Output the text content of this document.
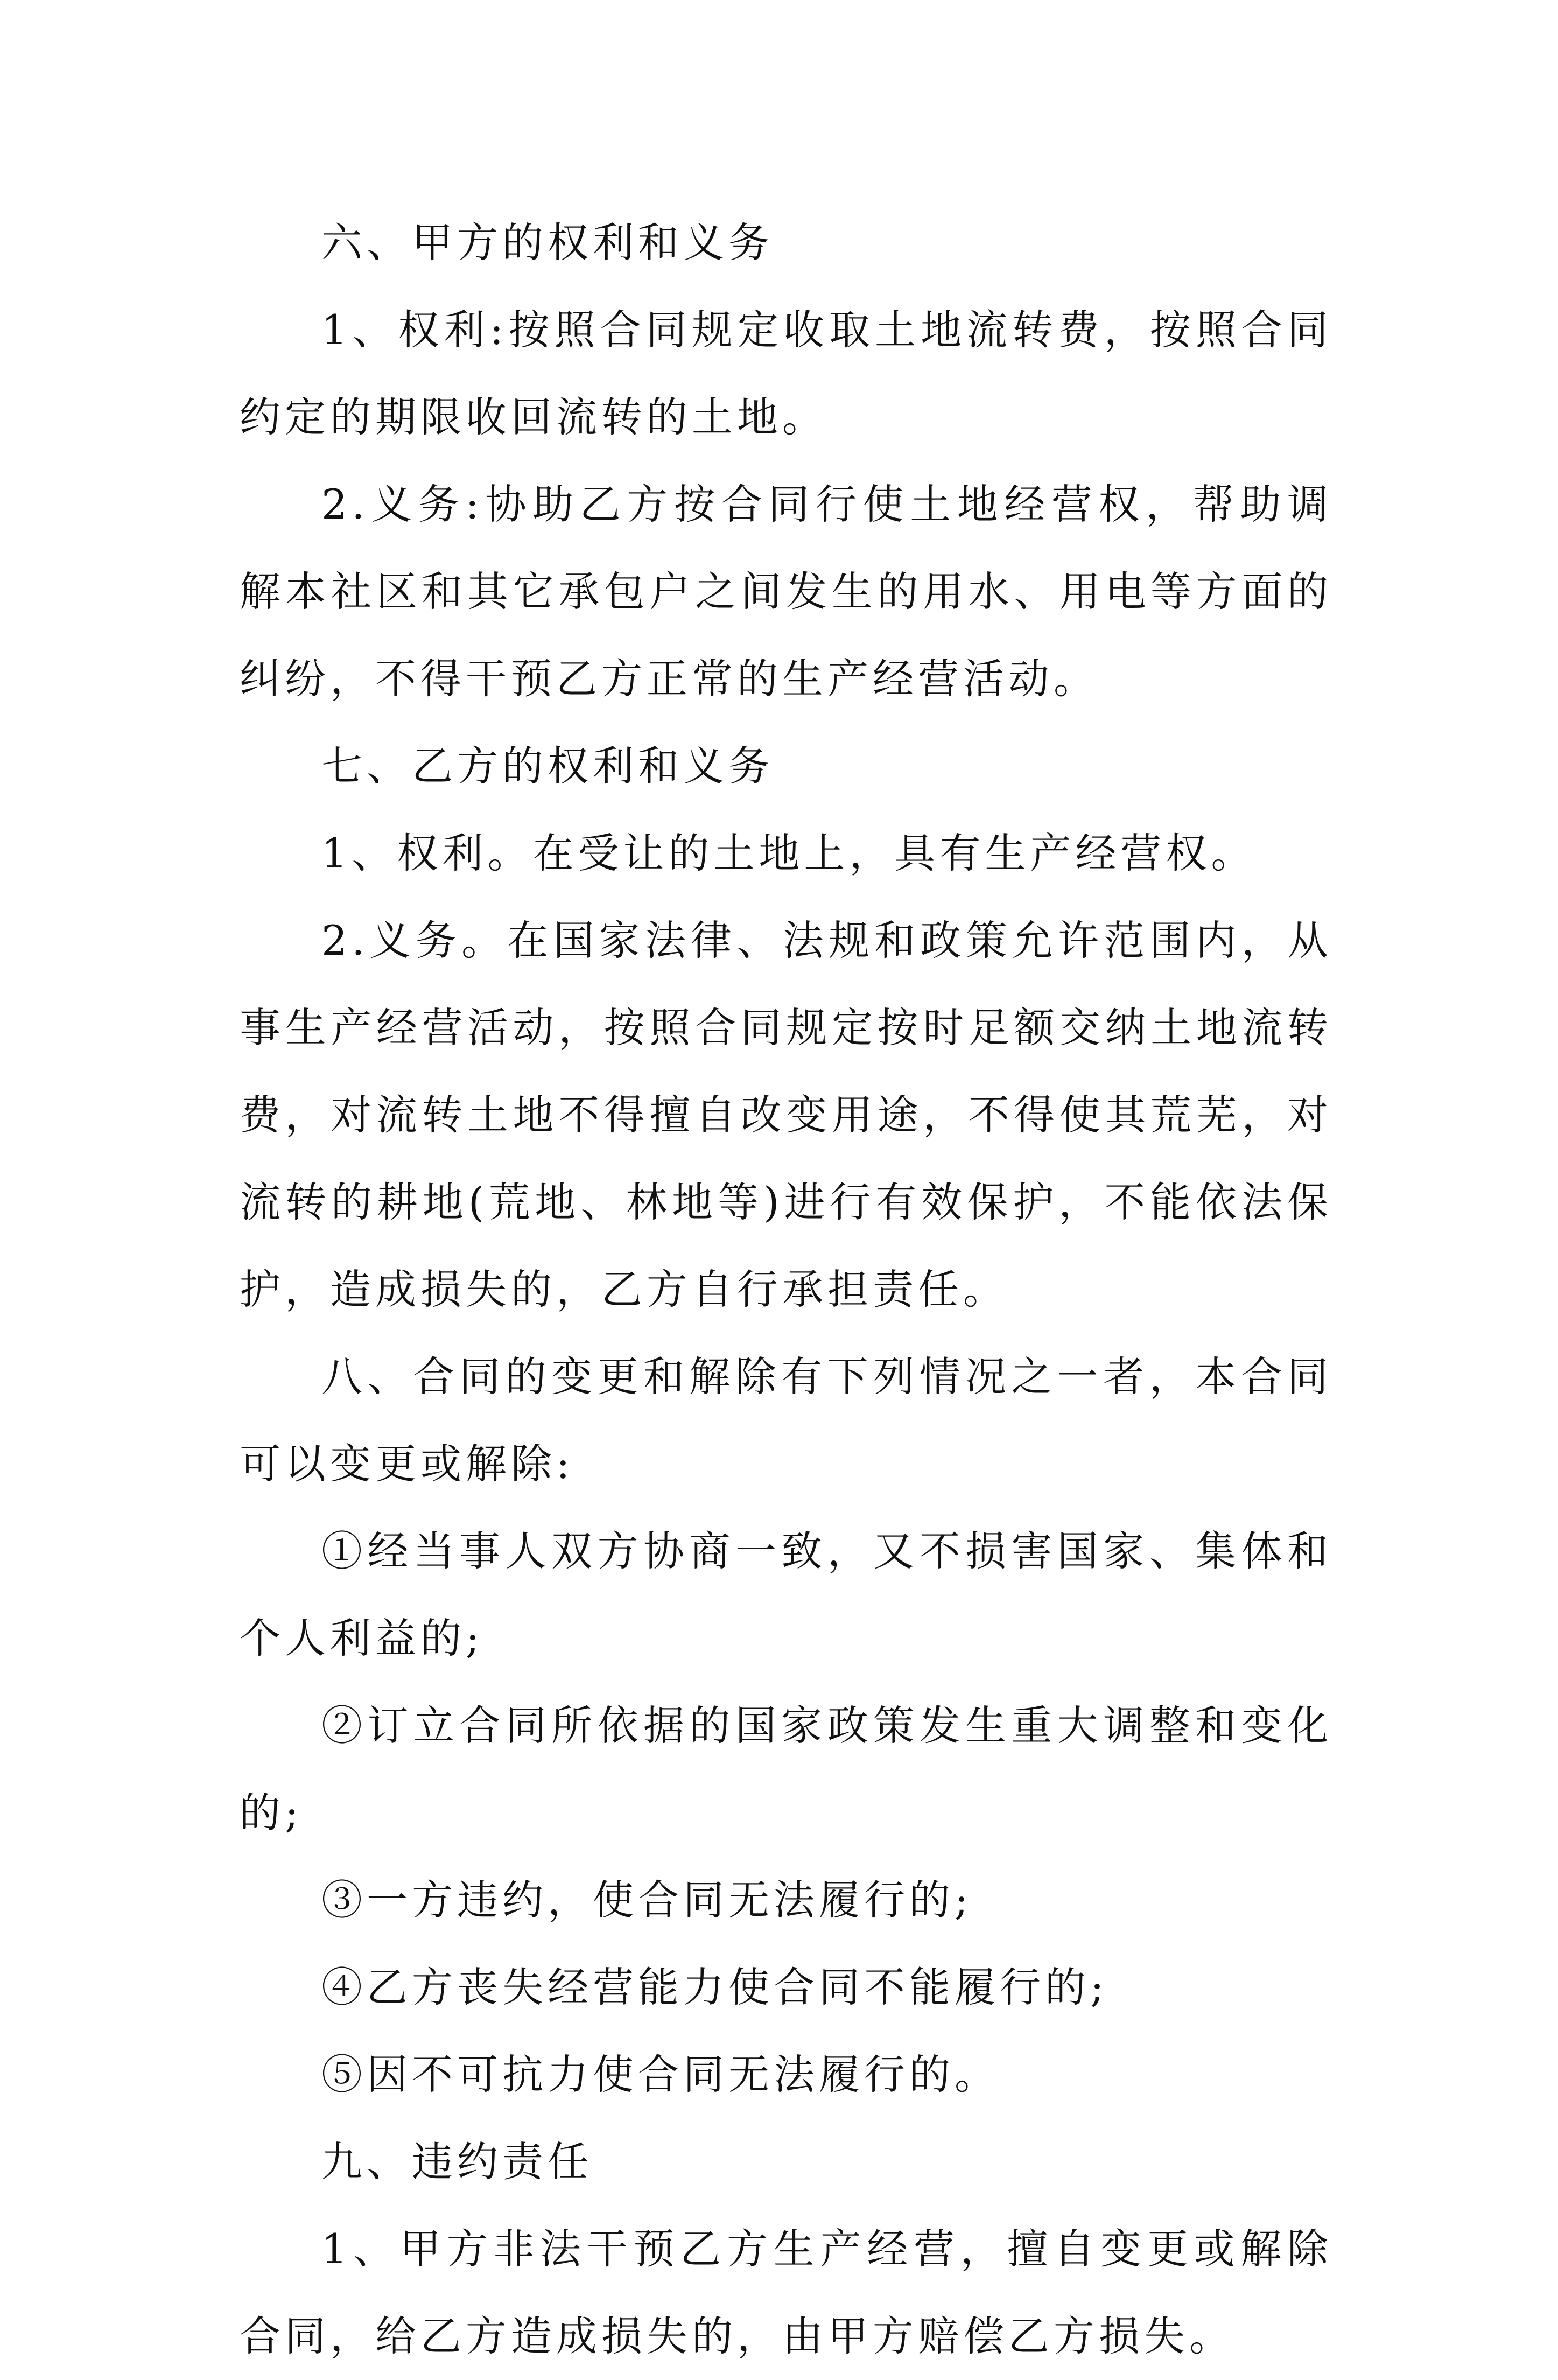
六、甲方的权利和义务

1、权利:按照合同规定收取土地流转费，按照合同约定的期限收回流转的土地。

2.义务:协助乙方按合同行使土地经营权，帮助调解本社区和其它承包户之间发生的用水、用电等方面的纠纷，不得干预乙方正常的生产经营活动。

七、乙方的权利和义务

1、权利。在受让的土地上，具有生产经营权。

2.义务。在国家法律、法规和政策允许范围内，从事生产经营活动，按照合同规定按时足额交纳土地流转费，对流转土地不得擅自改变用途，不得使其荒芜，对流转的耕地(荒地、林地等)进行有效保护，不能依法保护，造成损失的，乙方自行承担责任。

八、合同的变更和解除有下列情况之一者，本合同可以变更或解除:

①经当事人双方协商一致，又不损害国家、集体和个人利益的;

②订立合同所依据的国家政策发生重大调整和变化的;

③一方违约，使合同无法履行的;

④乙方丧失经营能力使合同不能履行的;

⑤因不可抗力使合同无法履行的。

九、违约责任

1、甲方非法干预乙方生产经营，擅自变更或解除合同，给乙方造成损失的，由甲方赔偿乙方损失。
